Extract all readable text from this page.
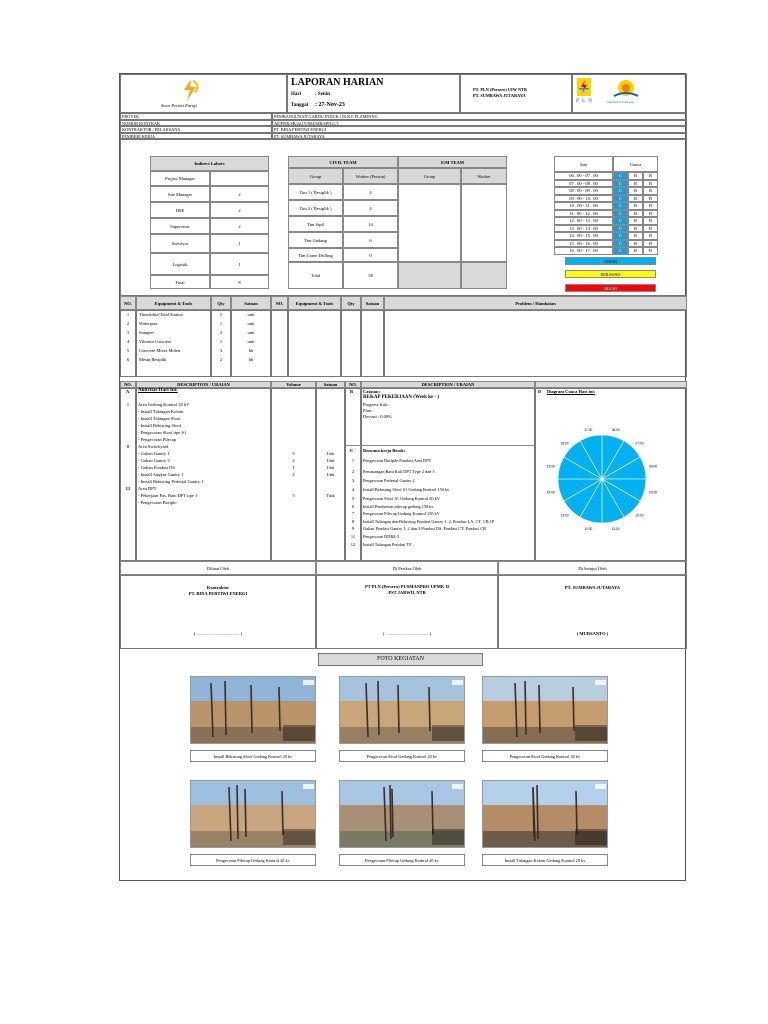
Sinar Pertiwi Energi
LAPORAN HARIAN
Hari	: Senin
Tanggal : 27-Nov-23
PT. PLN (Persero) UIW NTB
PT. SUMBAWA JUTARAYA
P L N	Sumbawa Jutaraya
PROYEK	PEMBANGUNAN GARDU INDUK 150 KV PLAMPANG
NOMOR KONTRAK	AE/PDR.SB/22.IV/004/SIB.SPN.C/3
KONTRAKTOR / PELAKSANA	PT. BINA PERTIWI ENERGI
PEMBERI KERJA	PT. SUMBAWA JUTARAYA
Indirect Labors
Project Manager
Site Manager	2
HSE	2
Supervisor	2
Surveyor	1
Logistik	1
Total	8
CIVIL TEAM	E/M TEAM
Group	Worker (Person)	Group	Worker
Tim 1 ( Besiplik )	4
Tim 2 ( Besiplik )	4
Tim Sipil	14
Tim Gudang	6
Tim Crane Drilling	0
Total	38
Jam	Cuaca
06 . 00 - 07 . 00	C	B	B
07 . 00 - 08 . 00	C	B	B
08 . 00 - 09 . 00	C	B	B
09 . 00 - 10 . 00	C	B	B
10 . 00 - 11 . 00	C	B	B
11 . 00 - 12 . 00	C	B	B
12 . 00 - 13 . 00	C	B	B
13 . 00 - 14 . 00	C	B	B
14 . 00 - 15 . 00	C	B	B
15 . 00 - 16 . 00	C	B	B
16 . 00 - 17 . 00	C	B	B
CERAH
BERAWAN
HUJAN
NO.	Equipment & Tools	Qty	Satuan	NO.	Equipment & Tools	Qty	Satuan	Problem / Hambatan
1	Theodolite/Total Station	1	unit
2	Waterpass	1	unit
3	Stamper	2	unit
4	Vibrator Concrete	1	unit
5	Concrete Mixer Molen	3	bh
6	Mesin Besiplik	2	bh
NO.	DESCRIPTION / URAIAN	Volume	Satuan	NO.	DESCRIPTION / URAIAN
A Aktivitas Hari Ini:
I	Area Gedung Kontrol 20 kV
- Install Tulangan Kolom
- Install Tulangan Sloof
- Install Bekisting Sloof
- Pengecoran Sloof tipe S1
- Pengecoran Pilecap
II	Area Switchyard
- Galian Gantry 1	5	Unit
- Galian Gantry 3	2	Unit
- Galian Pondasi DS	1	Unit
- Install Angkur Gantry 1	2	Unit
- Install Bekisting Pedestal Gantry 1
III	Area DPT
- Pekerjaan Pas. Batu DPT tipe 1	5	Titik
- Pengecoran Boriplo
B Catatan:
REKAP PEKERJAAN (Week ke - )
Progress fisik :
Plan :
Deviasi : 0.00%
C Rencana kerja Besok:
1	Pengecoran Boripile Pondasi Area DPT
2	Pemasangan Batu Kali DPT Type 2 dan 3
3	Pengecoran Pedestal Gantry 2
4	Install Bekisting Sloof S1 Gedung Kontrol 150 kv
5	Pengecoran Sloof S1 Gedung Kontrol 20 kV
6	Install Pembesian pilecap gedung 150 kv
7	Pengecoran Pilecap Gedung Kontrol 150 kV
8	Install Tulangan dan Bekisting Pondasi Gantry 1, 2, Pondasi LA, CT, CB 1P
9	Galian Pondasi Gantry 1, 2 dan 3 Pondasi DS, Pondasi CT, Pondasi CB
11	Pengecoran DDR4-3
12	Install Tulangan Pondasi TE
D Diagram Cuaca Hari ini:
06:00
07:00
08:00
09:00
10:00
11:00
12:00
13:00
14:00
15:00
16:00
17:00
Dibuat Oleh	Di Periksa Oleh	Di Setujui Oleh
Kontraktor
PT. BINA PERTIWI ENERGI
PT PLN (Persero) PUSMANPRO UPMK II
PST JARWIL NTB
PT. SUMBAWA JUTARAYA
( ...................................... )	( ...................................... )	( MURSANTO )
FOTO KEGIATAN
Install Bekisting Sloof Gedung Kontrol 20 kv	Pengecoran Sloof Gedung Kontrol 20 kv	Pengecoran Sloof Gedung Kontrol 20 kv
Pengecoran Pilecap Gedung Kontrol 20 kv	Pengecoran Pilecap Gedung Kontrol 20 kv	Install Tulangan Kolom Gedung Kontrol 20 kv
